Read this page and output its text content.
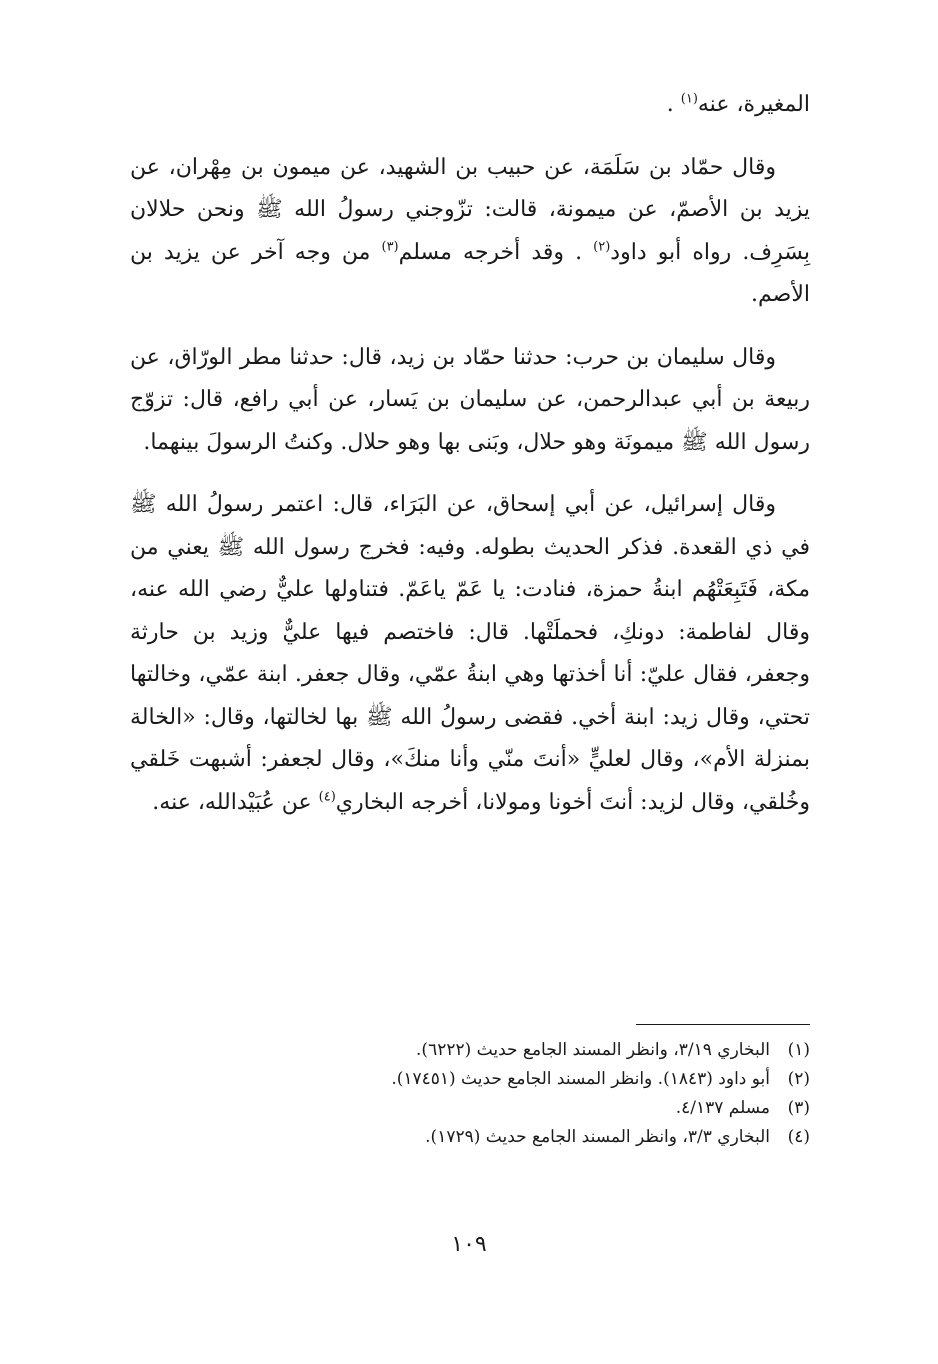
المغيرة، عنه$^{(١)}$ .

وقال حمّاد بن سَلَمَة، عن حبيب بن الشهيد، عن ميمون بن مِهْران، عن يزيد بن الأصمّ، عن ميمونة، قالت: تزّوجني رسولُ الله ﷺ ونحن حلالان بِسَرِف. رواه أبو داود$^{(٢)}$ . وقد أخرجه مسلم$^{(٣)}$ من وجه آخر عن يزيد بن الأصم.

وقال سليمان بن حرب: حدثنا حمّاد بن زيد، قال: حدثنا مطر الورّاق، عن ربيعة بن أبي عبدالرحمن، عن سليمان بن يَسار، عن أبي رافع، قال: تزوّج رسول الله ﷺ ميمونَة وهو حلال، وبَنى بها وهو حلال. وكنتُ الرسولَ بينهما.

وقال إسرائيل، عن أبي إسحاق، عن البَرَاء، قال: اعتمر رسولُ الله ﷺ في ذي القعدة. فذكر الحديث بطوله. وفيه: فخرج رسول الله ﷺ يعني من مكة، فَتَبِعَتْهُم ابنةُ حمزة، فنادت: يا عَمّ ياعَمّ. فتناولها عليٌّ رضي الله عنه، وقال لفاطمة: دونكِ، فحملَتْها. قال: فاختصم فيها عليٌّ وزيد بن حارثة وجعفر، فقال عليّ: أنا أخذتها وهي ابنةُ عمّي، وقال جعفر. ابنة عمّي، وخالتها تحتي، وقال زيد: ابنة أخي. فقضى رسولُ الله ﷺ بها لخالتها، وقال: «الخالة بمنزلة الأم»، وقال لعليٍّ «أنتَ منّي وأنا منكَ»، وقال لجعفر: أشبهت خَلقي وخُلقي، وقال لزيد: أنتَ أخونا ومولانا، أخرجه البخاري$^{(٤)}$ عن عُبَيْدالله، عنه.

(١)
البخاري ٣/١٩، وانظر المسند الجامع حديث (٦٢٢٢).
(٢)
أبو داود (١٨٤٣). وانظر المسند الجامع حديث (١٧٤٥١).
(٣)
مسلم ٤/١٣٧.
(٤)
البخاري ٣/٣، وانظر المسند الجامع حديث (١٧٢٩).
١٠٩
